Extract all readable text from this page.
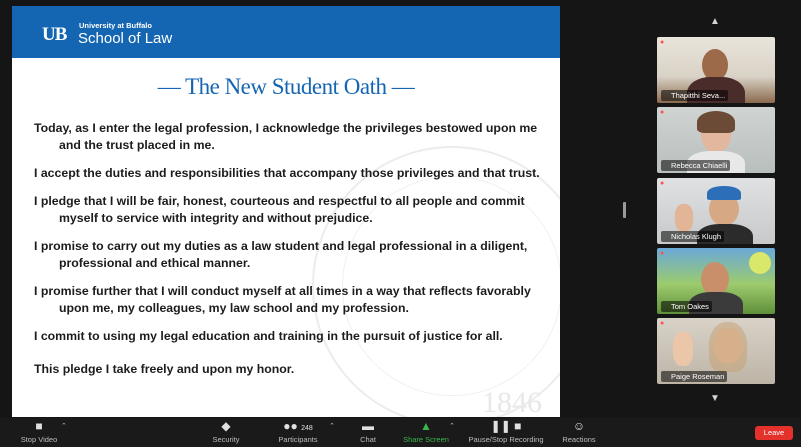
UB University at Buffalo
School of Law
1846
— The New Student Oath —

Today, as I enter the legal profession, I acknowledge the privileges bestowed upon me and the trust placed in me.

I accept the duties and responsibilities that accompany those privileges and that trust.

I pledge that I will be fair, honest, courteous and respectful to all people and commit myself to service with integrity and without prejudice.

I promise to carry out my duties as a law student and legal professional in a diligent, professional and ethical manner.

I promise further that I will conduct myself at all times in a way that reflects favorably upon me, my colleagues, my law school and my profession.

I commit to using my legal education and training in the pursuit of justice for all.

This pledge I take freely and upon my honor.

▲
●
Thapitthi Seva...
●
Rebecca Chiaelli
●
Nicholas Klugh
●
Tom Oakes
●
Paige Roseman
▼
■
Stop Video
⌃	◆
Security
●● 248
Participants
⌃	▬
Chat
▲
Share Screen
⌃	❚❚ ■
Pause/Stop Recording
☺
Reactions
Leave
